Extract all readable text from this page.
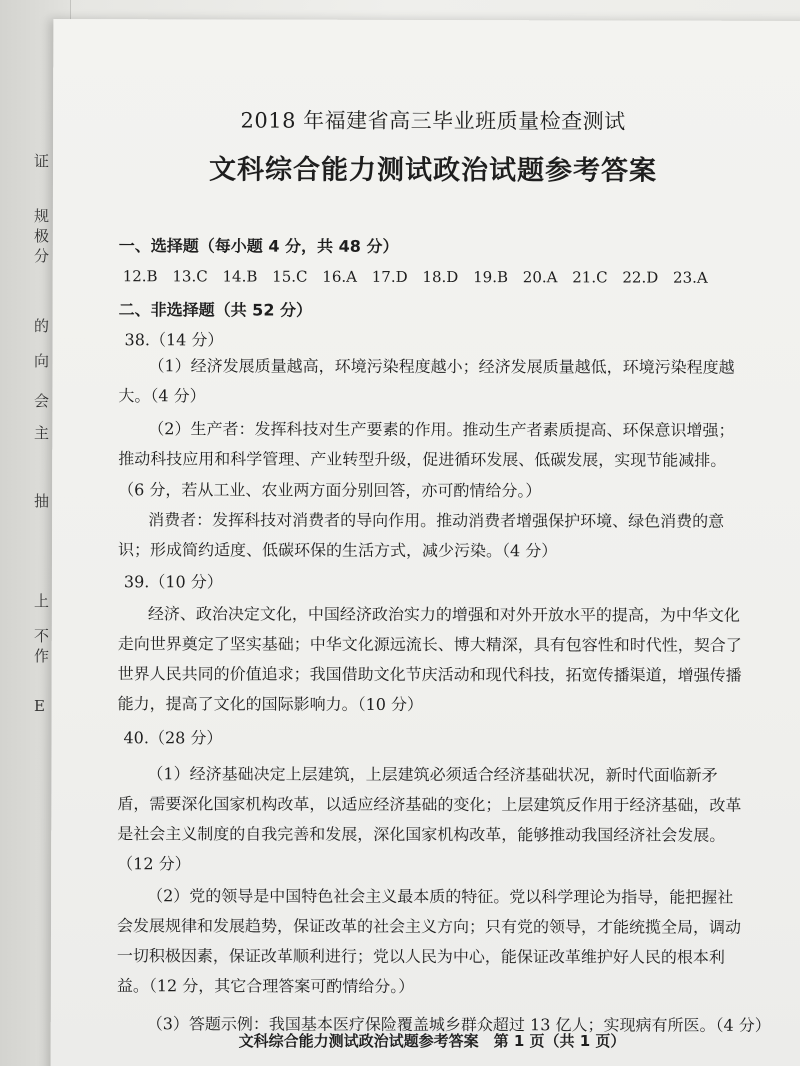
证
规
极
分
的
向
会
主
抽
上
不
作
E
2018 年福建省高三毕业班质量检查测试
文科综合能力测试政治试题参考答案
一、选择题（每小题 4 分，共 48 分）
12.B 13.C 14.B 15.C 16.A 17.D 18.D 19.B 20.A 21.C 22.D 23.A
二、非选择题（共 52 分）
38.（14 分）
（1）经济发展质量越高，环境污染程度越小；经济发展质量越低，环境污染程度越
大。（4 分）
（2）生产者：发挥科技对生产要素的作用。推动生产者素质提高、环保意识增强；
推动科技应用和科学管理、产业转型升级，促进循环发展、低碳发展，实现节能减排。
（6 分，若从工业、农业两方面分别回答，亦可酌情给分。）
消费者：发挥科技对消费者的导向作用。推动消费者增强保护环境、绿色消费的意
识；形成简约适度、低碳环保的生活方式，减少污染。（4 分）
39.（10 分）
经济、政治决定文化，中国经济政治实力的增强和对外开放水平的提高，为中华文化
走向世界奠定了坚实基础；中华文化源远流长、博大精深，具有包容性和时代性，契合了
世界人民共同的价值追求；我国借助文化节庆活动和现代科技，拓宽传播渠道，增强传播
能力，提高了文化的国际影响力。（10 分）
40.（28 分）
（1）经济基础决定上层建筑，上层建筑必须适合经济基础状况，新时代面临新矛
盾，需要深化国家机构改革，以适应经济基础的变化；上层建筑反作用于经济基础，改革
是社会主义制度的自我完善和发展，深化国家机构改革，能够推动我国经济社会发展。
（12 分）
（2）党的领导是中国特色社会主义最本质的特征。党以科学理论为指导，能把握社
会发展规律和发展趋势，保证改革的社会主义方向；只有党的领导，才能统揽全局，调动
一切积极因素，保证改革顺利进行；党以人民为中心，能保证改革维护好人民的根本利
益。（12 分，其它合理答案可酌情给分。）
（3）答题示例：我国基本医疗保险覆盖城乡群众超过 13 亿人；实现病有所医。（4 分）
文科综合能力测试政治试题参考答案　第 1 页（共 1 页）
